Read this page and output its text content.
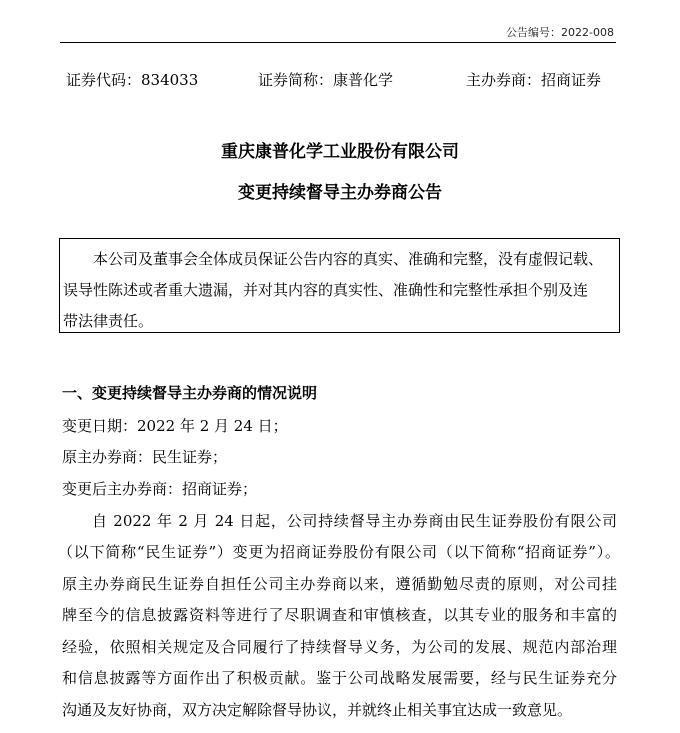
公告编号：2022-008
证券代码：834033	证券简称：康普化学	主办券商：招商证券
重庆康普化学工业股份有限公司
变更持续督导主办券商公告

本公司及董事会全体成员保证公告内容的真实、准确和完整，没有虚假记载、

误导性陈述或者重大遗漏，并对其内容的真实性、准确性和完整性承担个别及连

带法律责任。

一、变更持续督导主办券商的情况说明

变更日期：2022 年 2 月 24 日；

原主办券商：民生证券；

变更后主办券商：招商证券；

自 2022 年 2 月 24 日起，公司持续督导主办券商由民生证券股份有限公司

（以下简称“民生证券”）变更为招商证券股份有限公司（以下简称“招商证券”）。

原主办券商民生证券自担任公司主办券商以来，遵循勤勉尽责的原则，对公司挂

牌至今的信息披露资料等进行了尽职调查和审慎核查，以其专业的服务和丰富的

经验，依照相关规定及合同履行了持续督导义务，为公司的发展、规范内部治理

和信息披露等方面作出了积极贡献。鉴于公司战略发展需要，经与民生证券充分

沟通及友好协商，双方决定解除督导协议，并就终止相关事宜达成一致意见。
